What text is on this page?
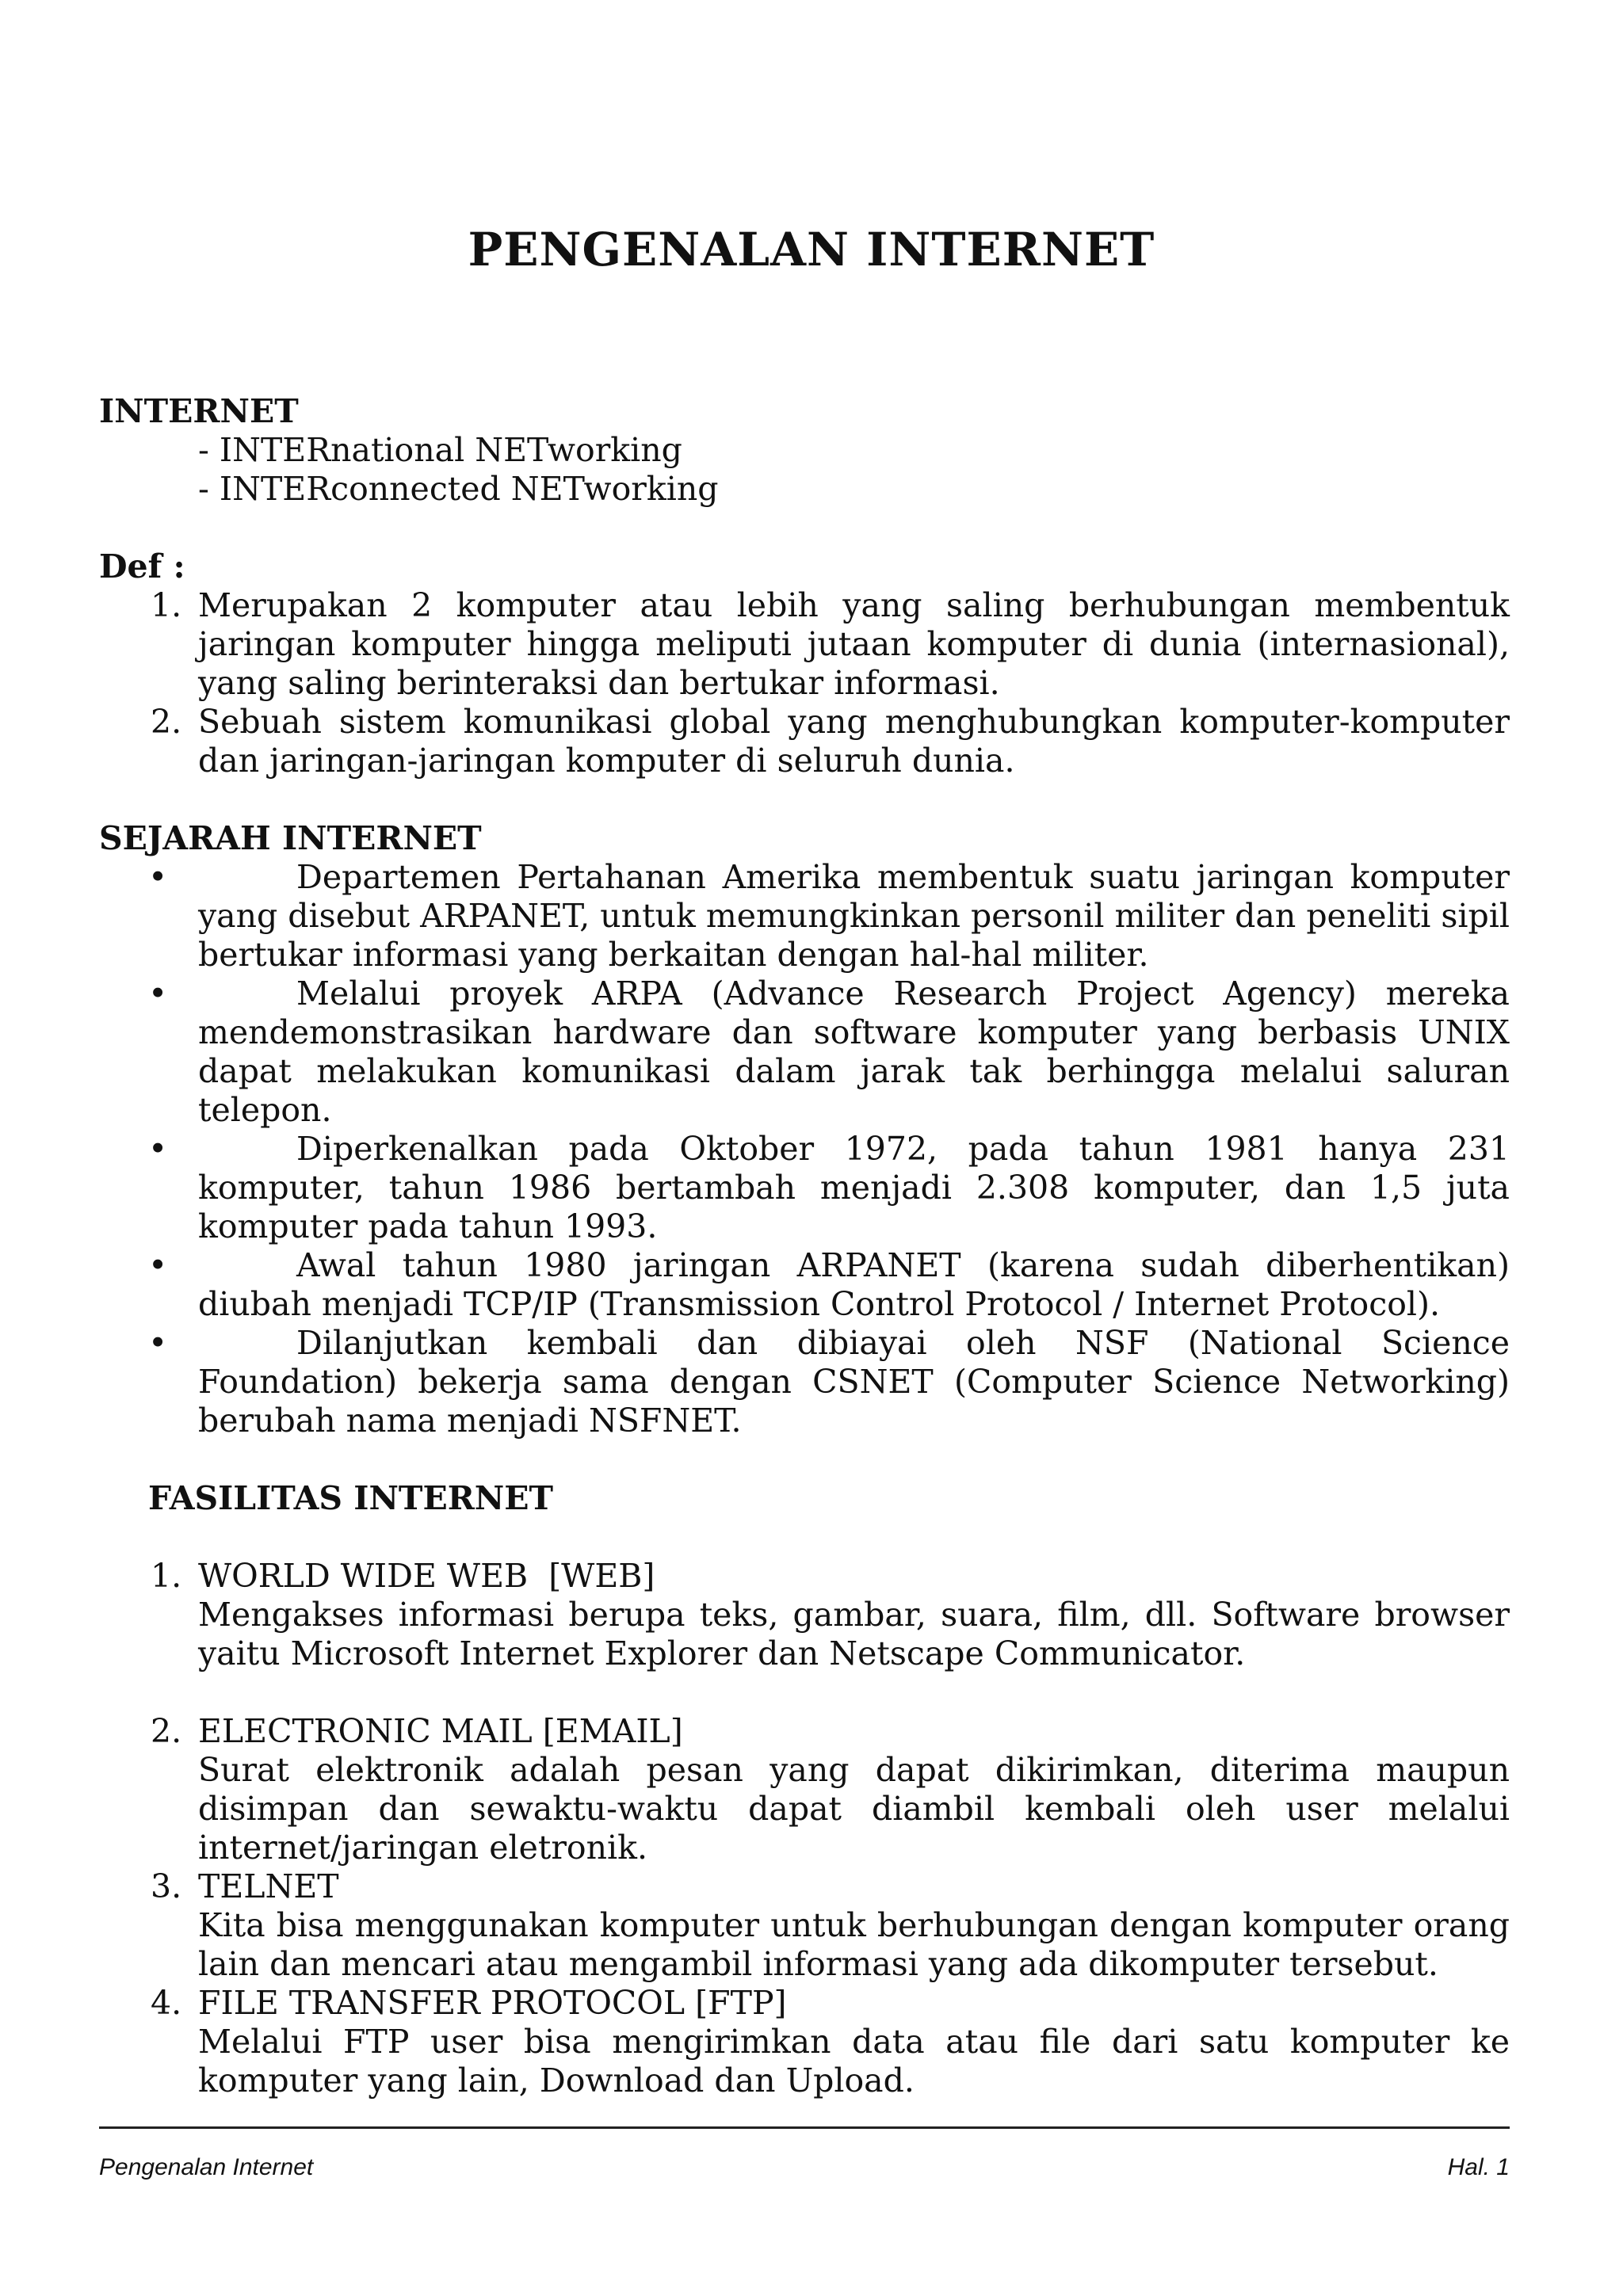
PENGENALAN INTERNET
INTERNET
- INTERnational NETworking
- INTERconnected NETworking
Def :
1. Merupakan 2 komputer atau lebih yang saling berhubungan membentuk jaringan komputer hingga meliputi jutaan komputer di dunia (internasional), yang saling berinteraksi dan bertukar informasi.
2. Sebuah sistem komunikasi global yang menghubungkan komputer-komputer dan jaringan-jaringan komputer di seluruh dunia.
SEJARAH INTERNET
•	Departemen Pertahanan Amerika membentuk suatu jaringan komputer yang disebut ARPANET, untuk memungkinkan personil militer dan peneliti sipil bertukar informasi yang berkaitan dengan hal-hal militer.
•	Melalui proyek ARPA (Advance Research Project Agency) mereka mendemonstrasikan hardware dan software komputer yang berbasis UNIX dapat melakukan komunikasi dalam jarak tak berhingga melalui saluran telepon.
•	Diperkenalkan pada Oktober 1972, pada tahun 1981 hanya 231 komputer, tahun 1986 bertambah menjadi 2.308 komputer, dan 1,5 juta komputer pada tahun 1993.
•	Awal tahun 1980 jaringan ARPANET (karena sudah diberhentikan) diubah menjadi TCP/IP (Transmission Control Protocol / Internet Protocol).
•	Dilanjutkan kembali dan dibiayai oleh NSF (National Science Foundation) bekerja sama dengan CSNET (Computer Science Networking) berubah nama menjadi NSFNET.
FASILITAS INTERNET
1. WORLD WIDE WEB  [WEB]
Mengakses informasi berupa teks, gambar, suara, film, dll. Software browser yaitu Microsoft Internet Explorer dan Netscape Communicator.
2. ELECTRONIC MAIL [EMAIL]
Surat elektronik adalah pesan yang dapat dikirimkan, diterima maupun disimpan dan sewaktu-waktu dapat diambil kembali oleh user melalui internet/jaringan eletronik.
3. TELNET
Kita bisa menggunakan komputer untuk berhubungan dengan komputer orang lain dan mencari atau mengambil informasi yang ada dikomputer tersebut.
4. FILE TRANSFER PROTOCOL [FTP]
Melalui FTP user bisa mengirimkan data atau file dari satu komputer ke komputer yang lain, Download dan Upload.
Pengenalan Internet	Hal. 1
